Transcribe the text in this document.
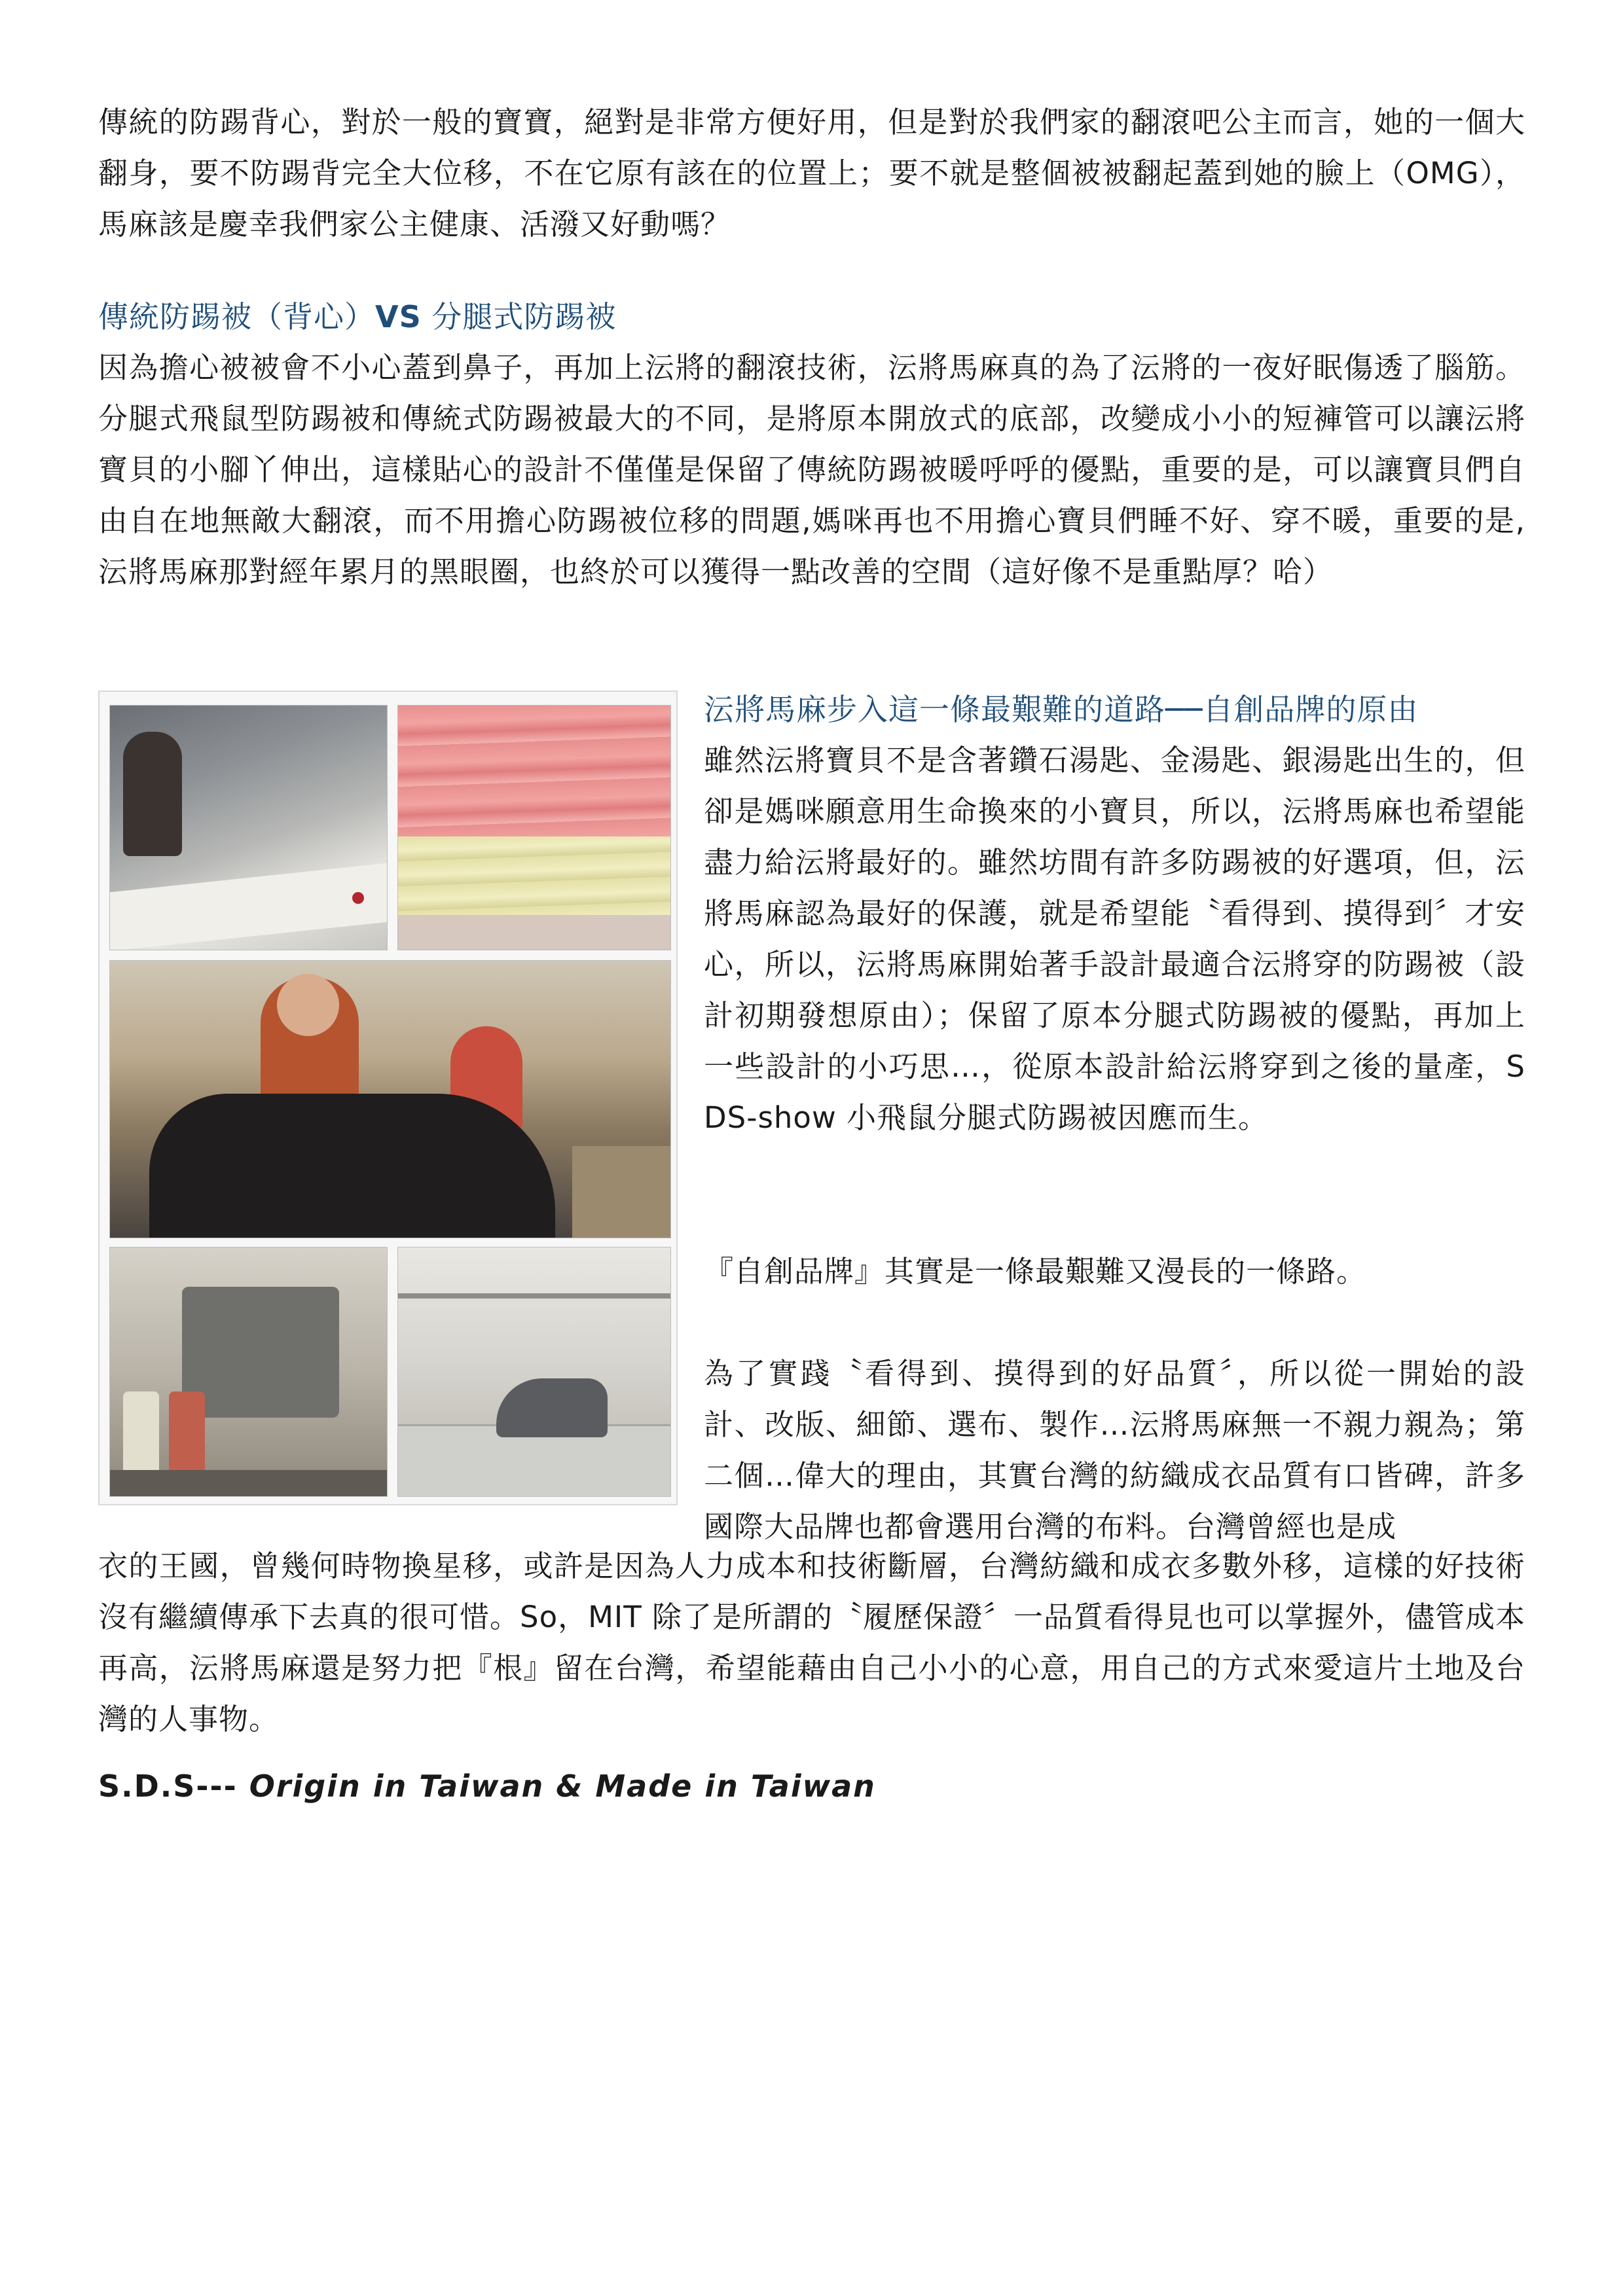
傳統的防踢背心，對於一般的寶寶，絕對是非常方便好用，但是對於我們家的翻滾吧公主而言，她的一個大翻身，要不防踢背完全大位移，不在它原有該在的位置上；要不就是整個被被翻起蓋到她的臉上（OMG），馬麻該是慶幸我們家公主健康、活潑又好動嗎？

傳統防踢被（背心）VS 分腿式防踢被

因為擔心被被會不小心蓋到鼻子，再加上沄將的翻滾技術，沄將馬麻真的為了沄將的一夜好眠傷透了腦筋。分腿式飛鼠型防踢被和傳統式防踢被最大的不同，是將原本開放式的底部，改變成小小的短褲管可以讓沄將寶貝的小腳丫伸出，這樣貼心的設計不僅僅是保留了傳統防踢被暖呼呼的優點，重要的是，可以讓寶貝們自由自在地無敵大翻滾，而不用擔心防踢被位移的問題,媽咪再也不用擔心寶貝們睡不好、穿不暖，重要的是,沄將馬麻那對經年累月的黑眼圈，也終於可以獲得一點改善的空間（這好像不是重點厚？哈）

沄將馬麻步入這一條最艱難的道路──自創品牌的原由

雖然沄將寶貝不是含著鑽石湯匙、金湯匙、銀湯匙出生的，但卻是媽咪願意用生命換來的小寶貝，所以，沄將馬麻也希望能盡力給沄將最好的。雖然坊間有許多防踢被的好選項，但，沄將馬麻認為最好的保護，就是希望能〝看得到、摸得到〞才安心，所以，沄將馬麻開始著手設計最適合沄將穿的防踢被（設計初期發想原由）；保留了原本分腿式防踢被的優點，再加上一些設計的小巧思…，從原本設計給沄將穿到之後的量產，SDS-show 小飛鼠分腿式防踢被因應而生。

『自創品牌』其實是一條最艱難又漫長的一條路。

為了實踐〝看得到、摸得到的好品質〞，所以從一開始的設計、改版、細節、選布、製作…沄將馬麻無一不親力親為；第二個…偉大的理由，其實台灣的紡織成衣品質有口皆碑，許多國際大品牌也都會選用台灣的布料。台灣曾經也是成

衣的王國，曾幾何時物換星移，或許是因為人力成本和技術斷層，台灣紡織和成衣多數外移，這樣的好技術沒有繼續傳承下去真的很可惜。So，MIT 除了是所謂的〝履歷保證〞一品質看得見也可以掌握外，儘管成本再高，沄將馬麻還是努力把『根』留在台灣，希望能藉由自己小小的心意，用自己的方式來愛這片土地及台灣的人事物。

S.D.S--- Origin in Taiwan & Made in Taiwan
